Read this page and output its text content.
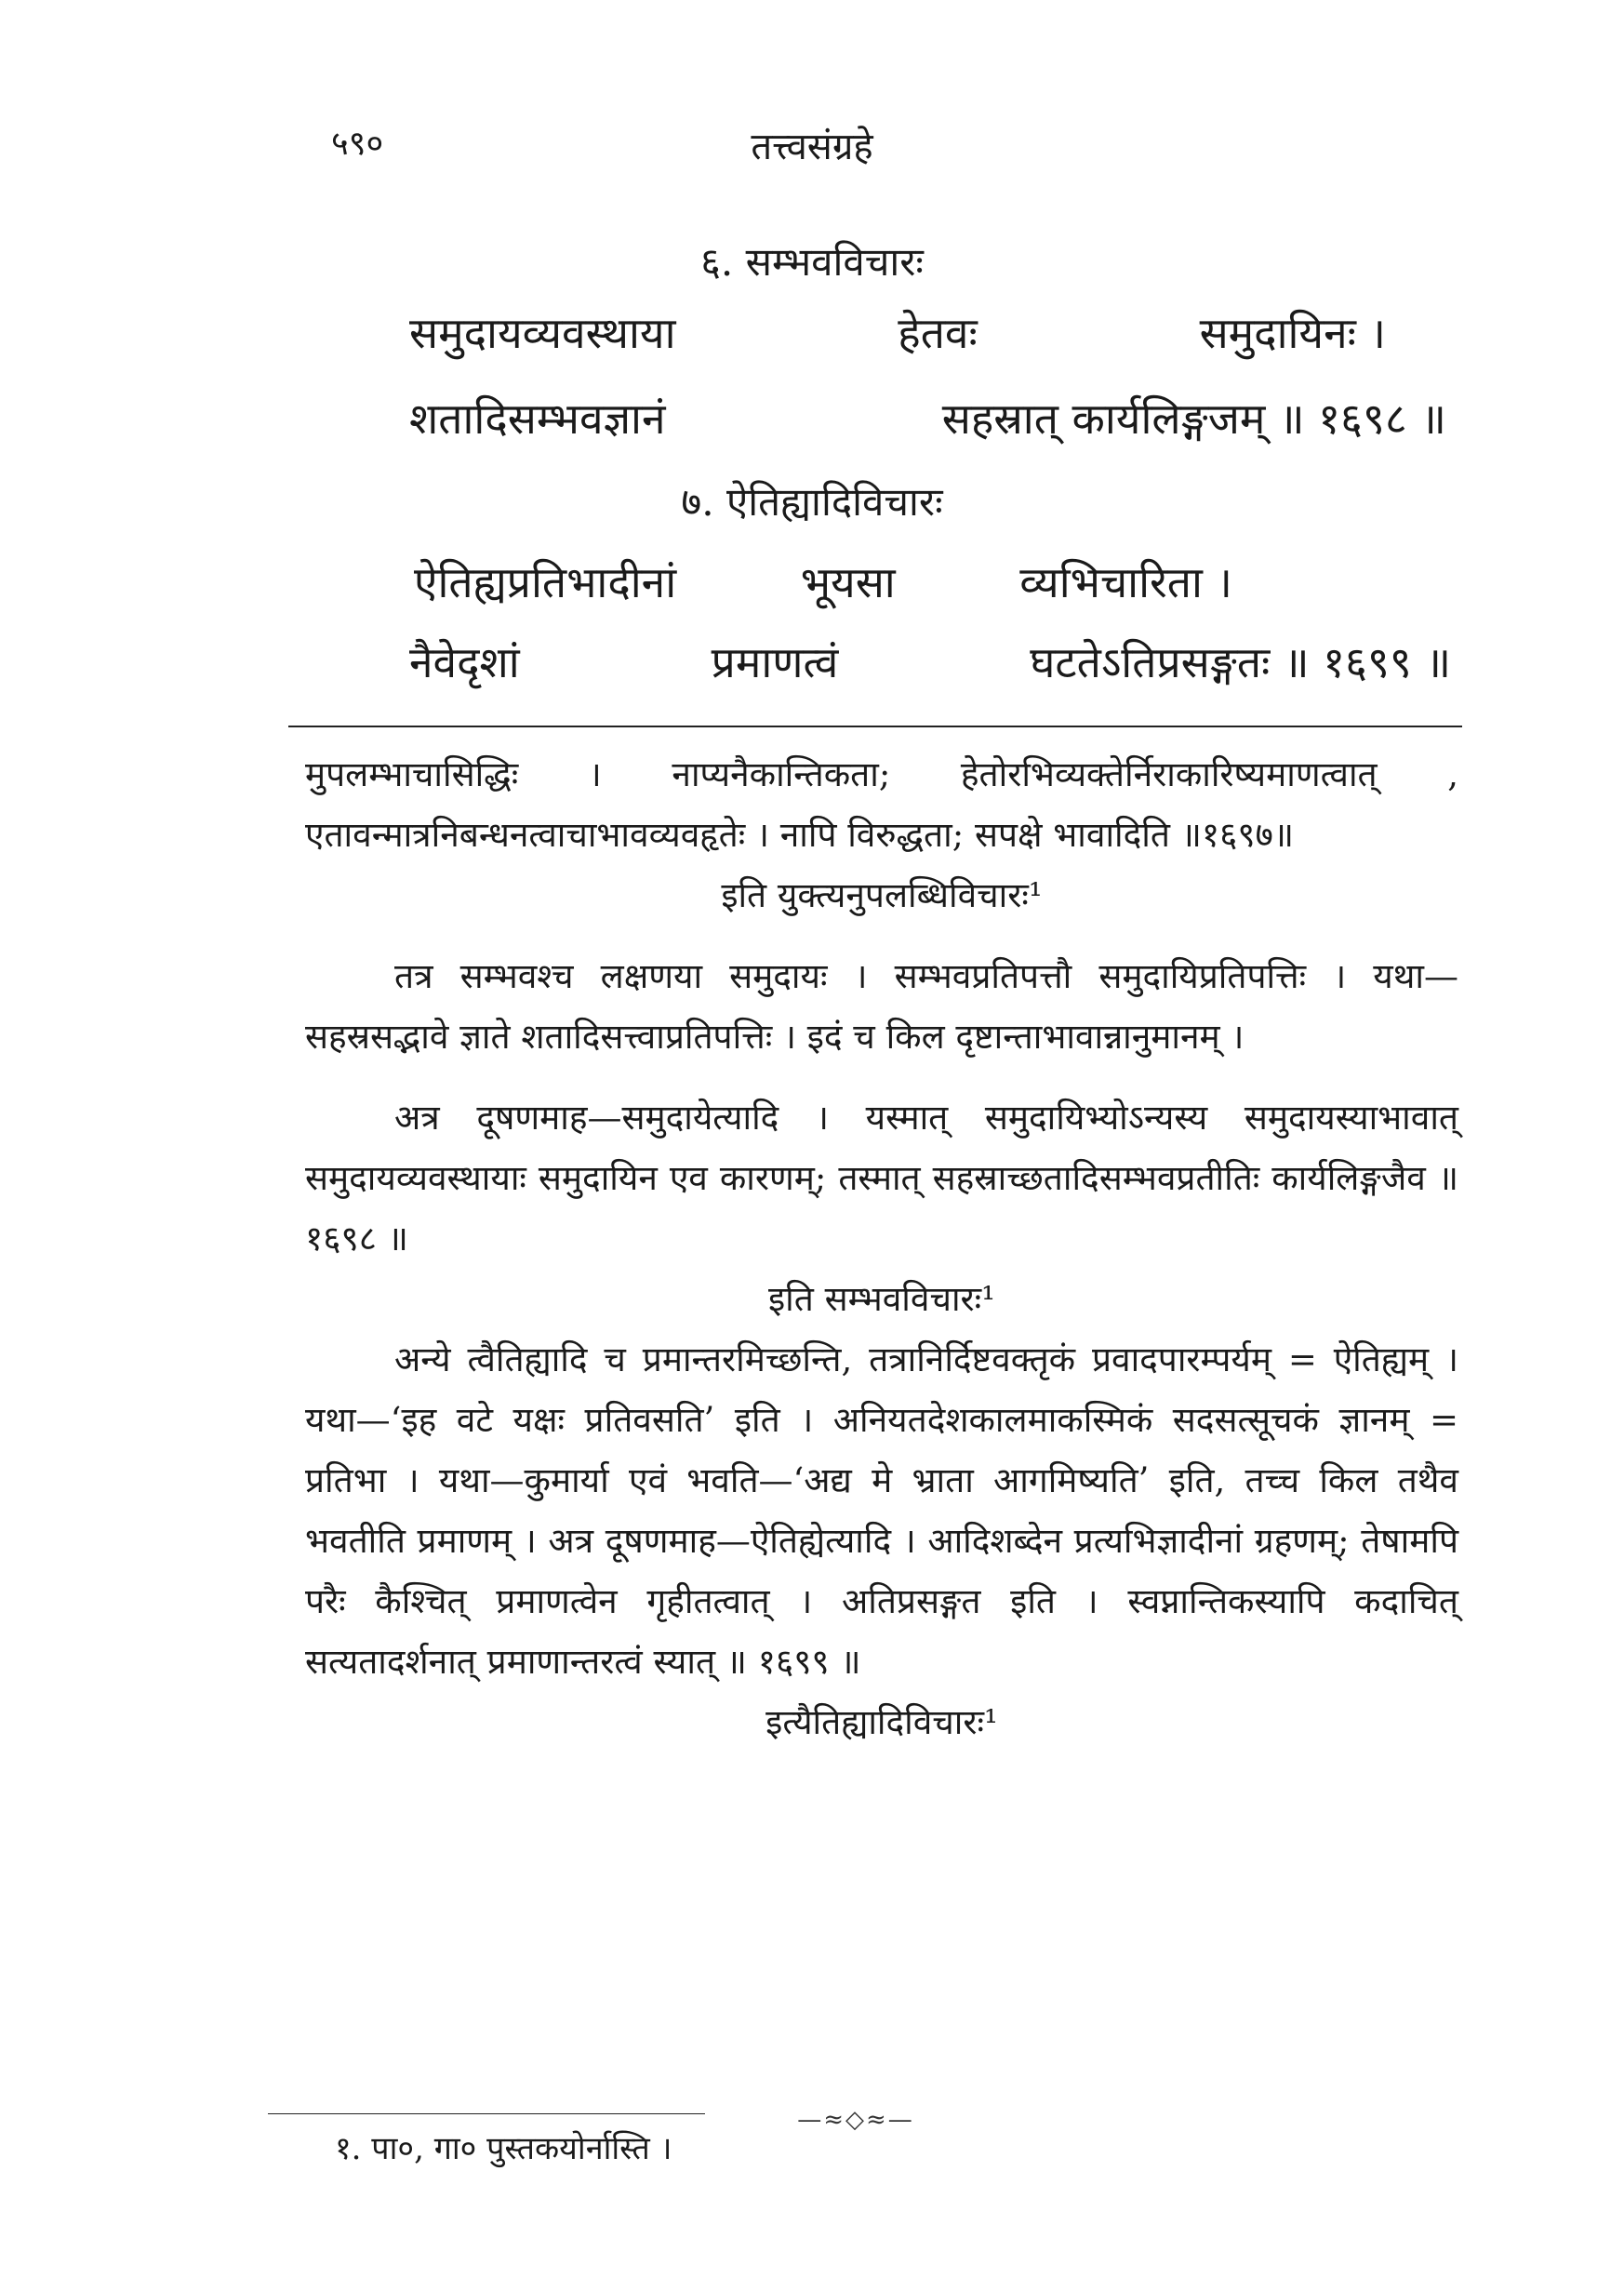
५९०	तत्त्वसंग्रहे
६. सम्भवविचारः
समुदायव्यवस्थाया	हेतवः	समुदायिनः ।
शतादिसम्भवज्ञानं	सहस्रात् कार्यलिङ्गजम् ॥ १६९८ ॥
७. ऐतिह्यादिविचारः
ऐतिह्यप्रतिभादीनां	भूयसा	व्यभिचारिता ।
नैवेदृशां	प्रमाणत्वं	घटतेऽतिप्रसङ्गतः ॥ १६९९ ॥

मुपलम्भाचासिद्धिः । नाप्यनैकान्तिकता; हेतोरभिव्यक्तेर्निराकारिष्यमाणत्वात् , एतावन्मात्रनिबन्धनत्वाचाभावव्यवहृतेः । नापि विरुद्धता; सपक्षे भावादिति ॥१६९७॥

इति युक्त्यनुपलब्धिविचारः¹

तत्र सम्भवश्च लक्षणया समुदायः । सम्भवप्रतिपत्तौ समुदायिप्रतिपत्तिः । यथा—सहस्रसद्भावे ज्ञाते शतादिसत्त्वाप्रतिपत्तिः । इदं च किल दृष्टान्ताभावान्नानुमानम् ।

अत्र दूषणमाह—समुदायेत्यादि । यस्मात् समुदायिभ्योऽन्यस्य समुदायस्याभावात् समुदायव्यवस्थायाः समुदायिन एव कारणम्; तस्मात् सहस्राच्छतादिसम्भवप्रतीतिः कार्यलिङ्गजैव ॥ १६९८ ॥

इति सम्भवविचारः¹

अन्ये त्वैतिह्यादि च प्रमान्तरमिच्छन्ति, तत्रानिर्दिष्टवक्तृकं प्रवादपारम्पर्यम् = ऐतिह्यम् । यथा—‘इह वटे यक्षः प्रतिवसति’ इति । अनियतदेशकालमाकस्मिकं सदसत्सूचकं ज्ञानम् = प्रतिभा । यथा—कुमार्या एवं भवति—‘अद्य मे भ्राता आगमिष्यति’ इति, तच्च किल तथैव भवतीति प्रमाणम् । अत्र दूषणमाह—ऐतिह्येत्यादि । आदिशब्देन प्रत्यभिज्ञादीनां ग्रहणम्; तेषामपि परैः कैश्चित् प्रमाणत्वेन गृहीतत्वात् । अतिप्रसङ्गत इति । स्वप्नान्तिकस्यापि कदाचित् सत्यतादर्शनात् प्रमाणान्तरत्वं स्यात् ॥ १६९९ ॥

इत्यैतिह्यादिविचारः¹

—≈◇≈—
१. पा०, गा० पुस्तकयोर्नास्ति ।
